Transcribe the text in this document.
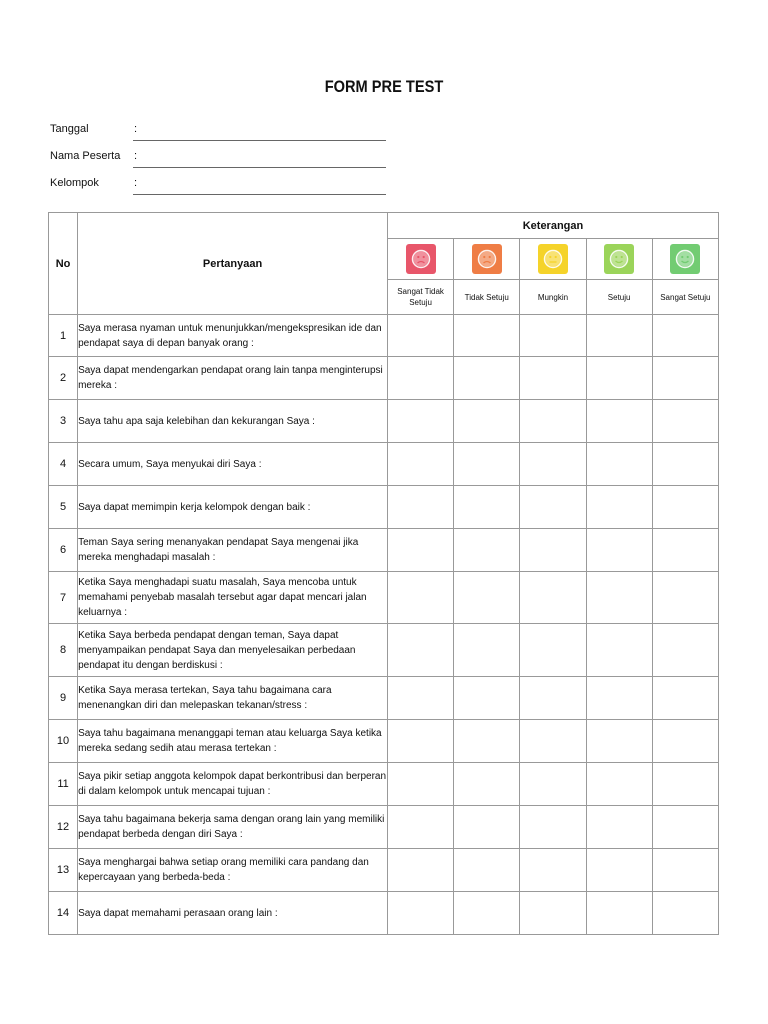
FORM PRE TEST
Tanggal	:
Nama Peserta :
Kelompok	:
No	Pertanyaan	Keterangan				

		Sangat Tidak Setuju	Tidak Setuju	Mungkin	Setuju	Sangat Setuju
1	Saya merasa nyaman untuk menunjukkan/mengekspresikan ide dan pendapat saya di depan banyak orang :					
2	Saya dapat mendengarkan pendapat orang lain tanpa menginterupsi mereka :					
3	Saya tahu apa saja kelebihan dan kekurangan Saya :					
4	Secara umum, Saya menyukai diri Saya :					
5	Saya dapat memimpin kerja kelompok dengan baik :					
6	Teman Saya sering menanyakan pendapat Saya mengenai jika mereka menghadapi masalah :					
7	Ketika Saya menghadapi suatu masalah, Saya mencoba untuk memahami penyebab masalah tersebut agar dapat mencari jalan keluarnya :					
8	Ketika Saya berbeda pendapat dengan teman, Saya dapat menyampaikan pendapat Saya dan menyelesaikan perbedaan pendapat itu dengan berdiskusi :					
9	Ketika Saya merasa tertekan, Saya tahu bagaimana cara menenangkan diri dan melepaskan tekanan/stress :					
10	Saya tahu bagaimana menanggapi teman atau keluarga Saya ketika mereka sedang sedih atau merasa tertekan :					
11	Saya pikir setiap anggota kelompok dapat berkontribusi dan berperan di dalam kelompok untuk mencapai tujuan :					
12	Saya tahu bagaimana bekerja sama dengan orang lain yang memiliki pendapat berbeda dengan diri Saya :					
13	Saya menghargai bahwa setiap orang memiliki cara pandang dan kepercayaan yang berbeda-beda :					
14	Saya dapat memahami perasaan orang lain :					
